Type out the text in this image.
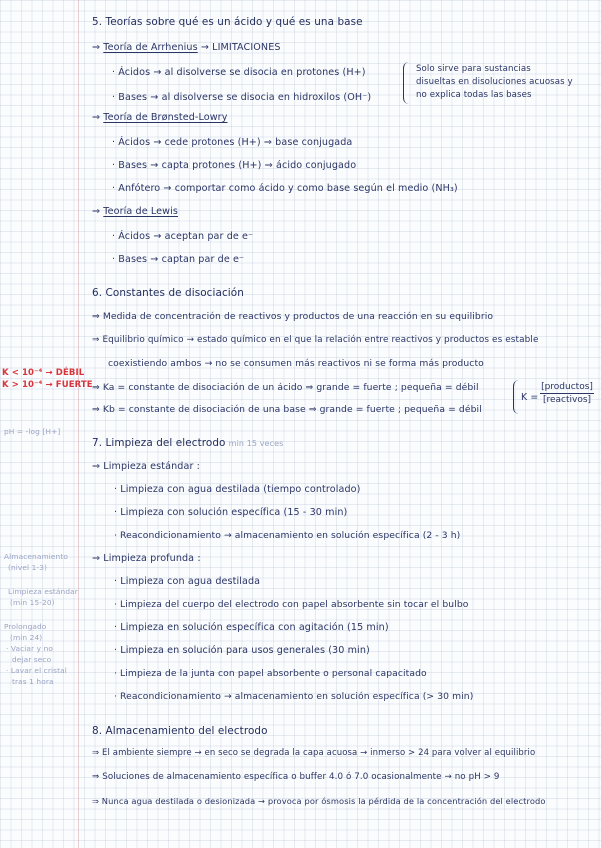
5. Teorías sobre qué es un ácido y qué es una base
⇒ Teoría de Arrhenius → LIMITACIONES
· Ácidos → al disolverse se disocia en protones (H+)
· Bases → al disolverse se disocia en hidroxilos (OH⁻)
Solo sirve para sustancias
disueltas en disoluciones acuosas y
no explica todas las bases
⇒ Teoría de Brønsted-Lowry
· Ácidos → cede protones (H+) ⇒ base conjugada
· Bases → capta protones (H+) ⇒ ácido conjugado
· Anfótero → comportar como ácido y como base según el medio (NH₃)
⇒ Teoría de Lewis
· Ácidos → aceptan par de e⁻
· Bases → captan par de e⁻
6. Constantes de disociación
⇒ Medida de concentración de reactivos y productos de una reacción en su equilibrio
⇒ Equilibrio químico → estado químico en el que la relación entre reactivos y productos es estable
coexistiendo ambos → no se consumen más reactivos ni se forma más producto
⇒ Ka = constante de disociación de un ácido ⇒ grande = fuerte ; pequeña = débil
⇒ Kb = constante de disociación de una base ⇒ grande = fuerte ; pequeña = débil
K =
[productos]
[reactivos]
K < 10⁻⁴ → DÉBIL
K > 10⁻⁴ → FUERTE
pH = -log [H+]
Almacenamiento
(nivel 1-3)
Limpieza estándar
(min 15-20)
Prolongado
(min 24)
· Vaciar y no
dejar seco
· Lavar el cristal
tras 1 hora
7. Limpieza del electrodo min 15 veces
⇒ Limpieza estándar :
· Limpieza con agua destilada (tiempo controlado)
· Limpieza con solución específica (15 - 30 min)
· Reacondicionamiento → almacenamiento en solución específica (2 - 3 h)
⇒ Limpieza profunda :
· Limpieza con agua destilada
· Limpieza del cuerpo del electrodo con papel absorbente sin tocar el bulbo
· Limpieza en solución específica con agitación (15 min)
· Limpieza en solución para usos generales (30 min)
· Limpieza de la junta con papel absorbente o personal capacitado
· Reacondicionamiento → almacenamiento en solución específica (> 30 min)
8. Almacenamiento del electrodo
⇒ El ambiente siempre → en seco se degrada la capa acuosa → inmerso > 24 para volver al equilibrio
⇒ Soluciones de almacenamiento específica o buffer 4.0 ó 7.0 ocasionalmente → no pH > 9
⇒ Nunca agua destilada o desionizada → provoca por ósmosis la pérdida de la concentración del electrodo
